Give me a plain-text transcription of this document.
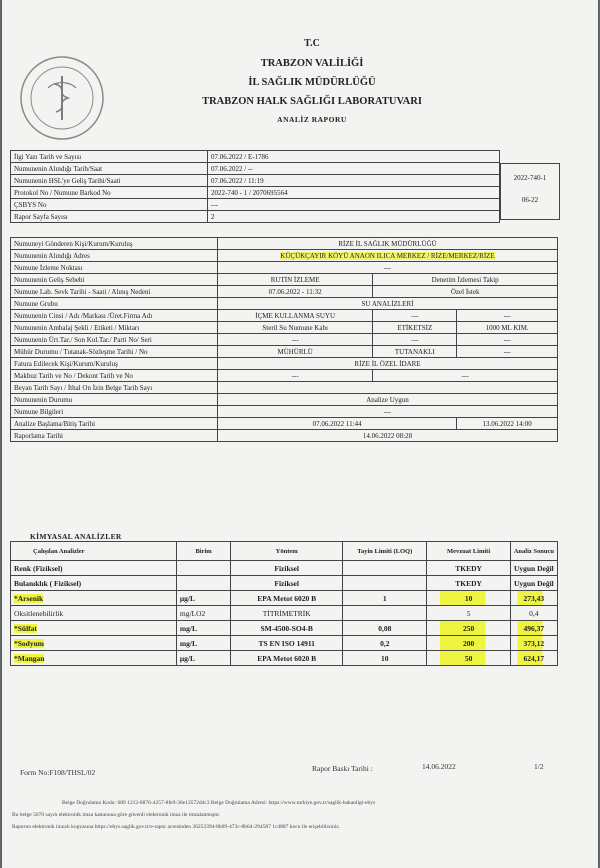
T.C
TRABZON VALİLİĞİ
İL SAĞLIK MÜDÜRLÜĞÜ
TRABZON HALK SAĞLIĞI LABORATUVARI
ANALİZ RAPORU
İlgi Yazı Tarih ve Sayısı	07.06.2022 / E-1786
Numunenin Alındığı Tarih/Saat	07.06.2022 / --
Numunenin HSL'ye Geliş Tarihi/Saati	07.06.2022 / 11:19
Protokol No / Numune Barkod No	2022-740 - 1 / 2070695564
ÇSBYS No	---
Rapor Sayfa Sayısı	2
2022-740-1
06-22
Numuneyi Gönderen Kişi/Kurum/Kuruluş	RİZE İL SAĞLIK MÜDÜRLÜĞÜ		
Numunenin Alındığı Adres	KÜÇÜKÇAYIR KÖYÜ ANAON ILICA MERKEZ / RİZE/MERKEZ/RİZE		
Numune İzleme Noktası	---		
Numunenin Geliş Sebebi	RUTİN İZLEME	Denetim İzlemesi Takip	
Numune Lab. Sevk Tarihi - Saati / Alınış Nedeni	07.06.2022 - 11:32	Özel İstek	
Numune Grubu	SU ANALİZLERİ		
Numunenin Cinsi / Adı /Markası /Üret.Firma Adı	İÇME KULLANMA SUYU	---	---
Numunenin Ambalaj Şekli / Etiketi / Miktarı	Steril Su Numune Kabı	ETİKETSİZ	1000 ML KIM.
Numunenin Ürt.Tar./ Son Kul.Tar./ Parti No/ Seri	---	---	---
Mühür Durumu / Tutanak-Sözleşme Tarihi / No	MÜHÜRLÜ	TUTANAKLI	---
Fatura Edilecek Kişi/Kurum/Kuruluş	RİZE İL ÖZEL İDARE		
Makbuz Tarih ve No / Dekont Tarih ve No	---	---	
Beyan Tarih Sayı / İthal On İzin Belge Tarih Sayı			
Numunenin Durumu	Analize Uygun		
Numune Bilgileri	---		
Analize Başlama/Bitiş Tarihi	07.06.2022 11:44		13.06.2022 14:00
Raporlama Tarihi	14.06.2022 08:28		
KİMYASAL ANALİZLER
Çalışılan Analizler	Birim	Yöntem	Tayin Limiti (LOQ)	Mevzuat Limiti	Analiz Sonucu
Renk (Fiziksel)		Fiziksel		TKEDY	Uygun Değil
Bulanıklık ( Fiziksel)		Fiziksel		TKEDY	Uygun Değil
*Arsenik	µg/L	EPA Metot 6020 B	1	10	273,43
Oksitlenebilirlik	mg/LO2	TİTRİMETRİK		5	0,4
*Sülfat	mg/L	SM-4500-SO4-B	0,08	250	496,37
*Sodyum	mg/L	TS EN ISO 14911	0,2	200	373,12
*Mangan	µg/L	EPA Metot 6020 B	10	50	624,17
Form No:F108/THSL/02	Rapor Baskı Tarihi :	14.06.2022	1/2
Belge Doğrulama Kodu: 689 1212-8876-4257-8fe9-36e13572d4c3 Belge Doğrulama Adresi: https://www.turkiye.gov.tr/saglik-bakanligi-ebys
Bu belge 5070 sayılı elektronik imza kanununa göre güvenli elektronik imza ile imzalanmıştır.
Raporun elektronik imzalı kopyasına https://ebys.saglik.gov.tr/e-rapor acresinden 36253394-8b09-473c-8b64-294587 1c4887 kocu ile erişebilirsiniz.
